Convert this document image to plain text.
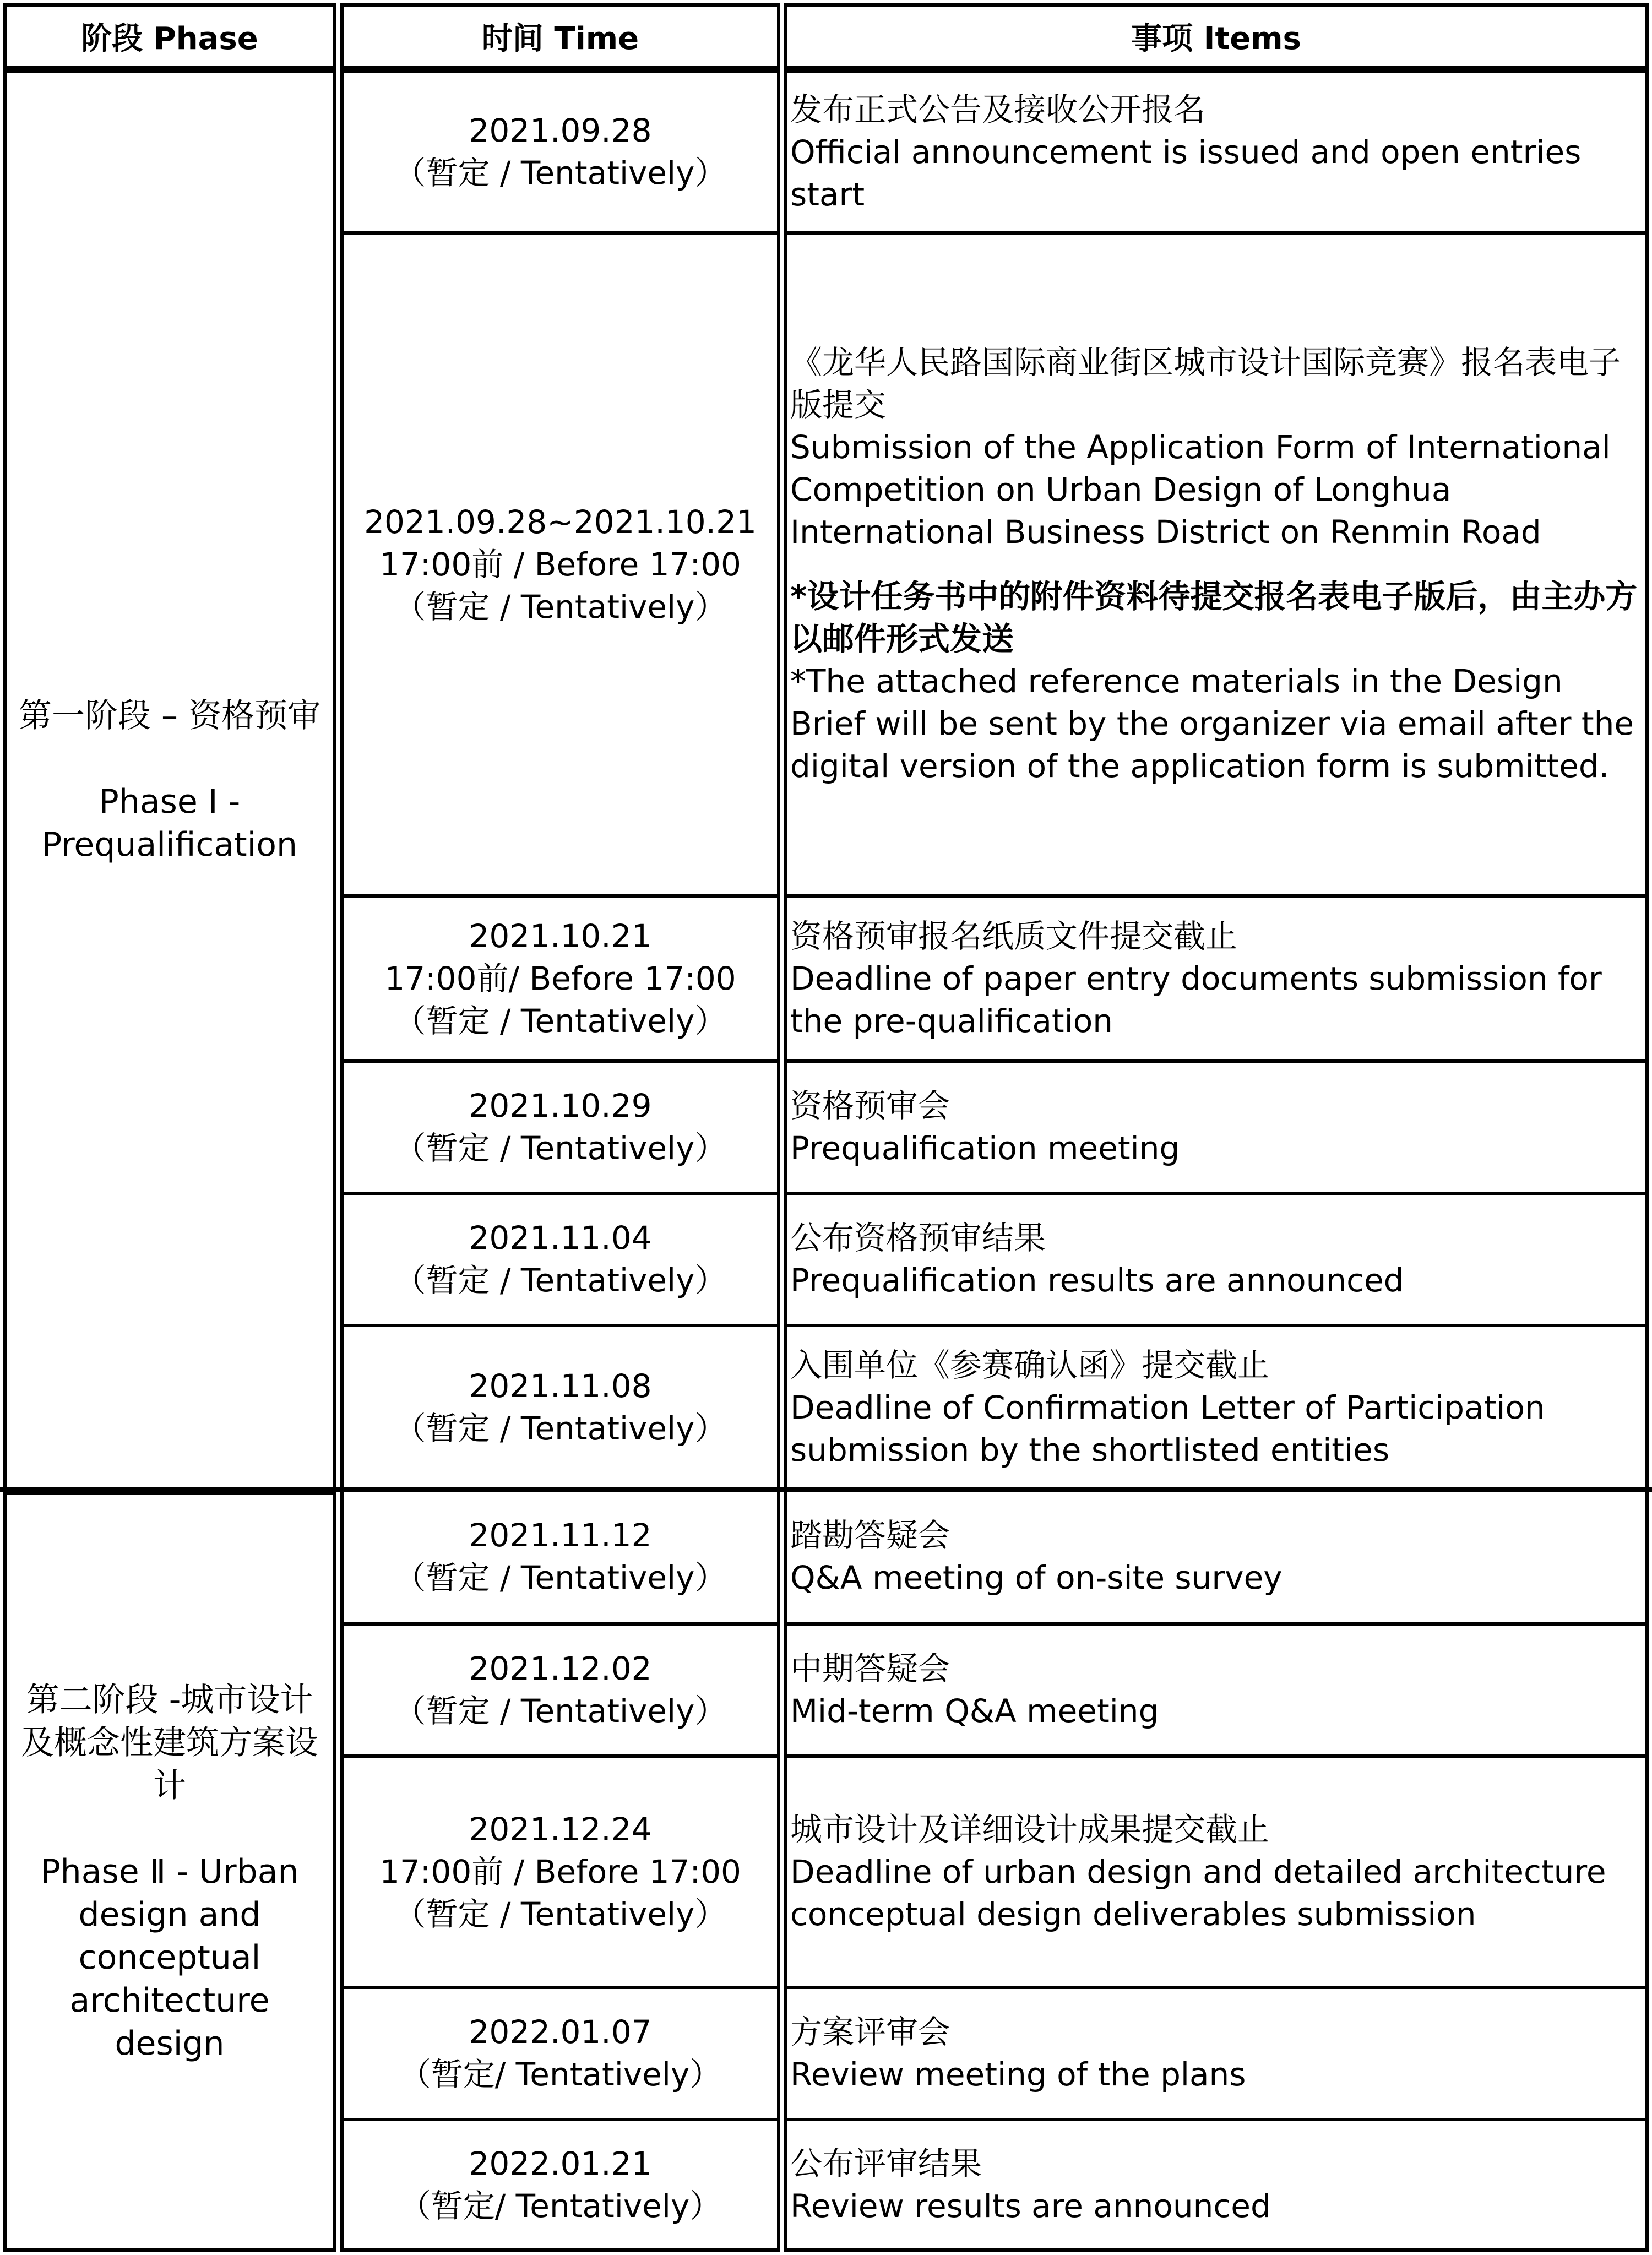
阶段 Phase	时间 Time	事项 Items
第一阶段 – 资格预审
Phase Ⅰ - Prequalification
第二阶段 -城市设计及概念性建筑方案设计
Phase Ⅱ - Urban design and conceptual architecture design
2021.09.28
（暂定 / Tentatively）
发布正式公告及接收公开报名
Official announcement is issued and open entries start
2021.09.28~2021.10.21
17:00前 / Before 17:00
（暂定 / Tentatively）
《龙华人民路国际商业街区城市设计国际竞赛》报名表电子版提交
Submission of the Application Form of International Competition on Urban Design of Longhua International Business District on Renmin Road
*设计任务书中的附件资料待提交报名表电子版后，由主办方以邮件形式发送
*The attached reference materials in the Design Brief will be sent by the organizer via email after the digital version of the application form is submitted.
2021.10.21
17:00前/ Before 17:00
（暂定 / Tentatively）
资格预审报名纸质文件提交截止
Deadline of paper entry documents submission for the pre-qualification
2021.10.29
（暂定 / Tentatively）
资格预审会
Prequalification meeting
2021.11.04
（暂定 / Tentatively）
公布资格预审结果
Prequalification results are announced
2021.11.08
（暂定 / Tentatively）
入围单位《参赛确认函》提交截止
Deadline of Confirmation Letter of Participation submission by the shortlisted entities
2021.11.12
（暂定 / Tentatively）
踏勘答疑会
Q&A meeting of on-site survey
2021.12.02
（暂定 / Tentatively）
中期答疑会
Mid-term Q&A meeting
2021.12.24
17:00前 / Before 17:00
（暂定 / Tentatively）
城市设计及详细设计成果提交截止
Deadline of urban design and detailed architecture conceptual design deliverables submission
2022.01.07
（暂定/ Tentatively）
方案评审会
Review meeting of the plans
2022.01.21
（暂定/ Tentatively）
公布评审结果
Review results are announced
